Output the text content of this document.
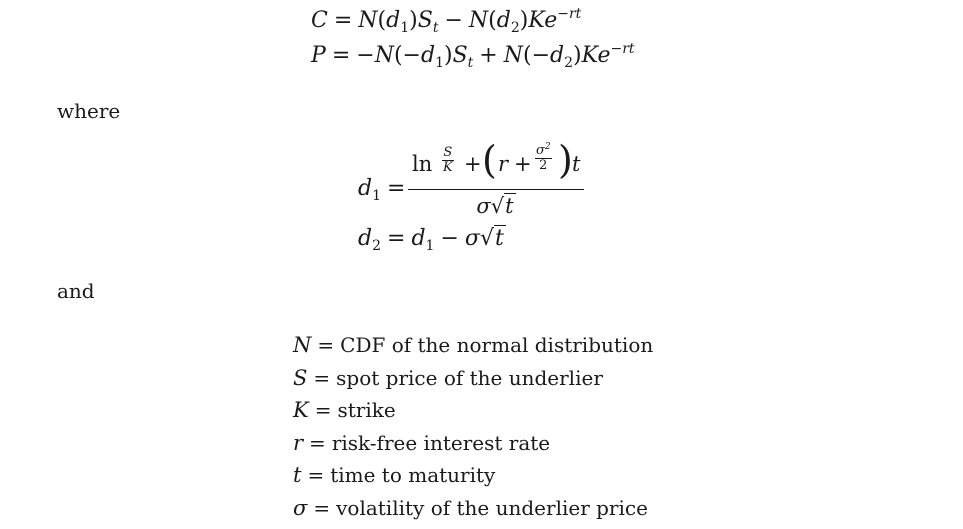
$C = N(d_1)S_t - N(d_2)Ke^{-rt}$
$P = -N(-d_1)S_t + N(-d_2)Ke^{-rt}$
where
$d_1$ =
ln S
K + ( r +
$\sigma^2$
2 ) t
σ√t
$d_2 = d_1 - \sigma√t$
and
N = CDF of the normal distribution
S = spot price of the underlier
K = strike
r = risk-free interest rate
t = time to maturity
σ = volatility of the underlier price
